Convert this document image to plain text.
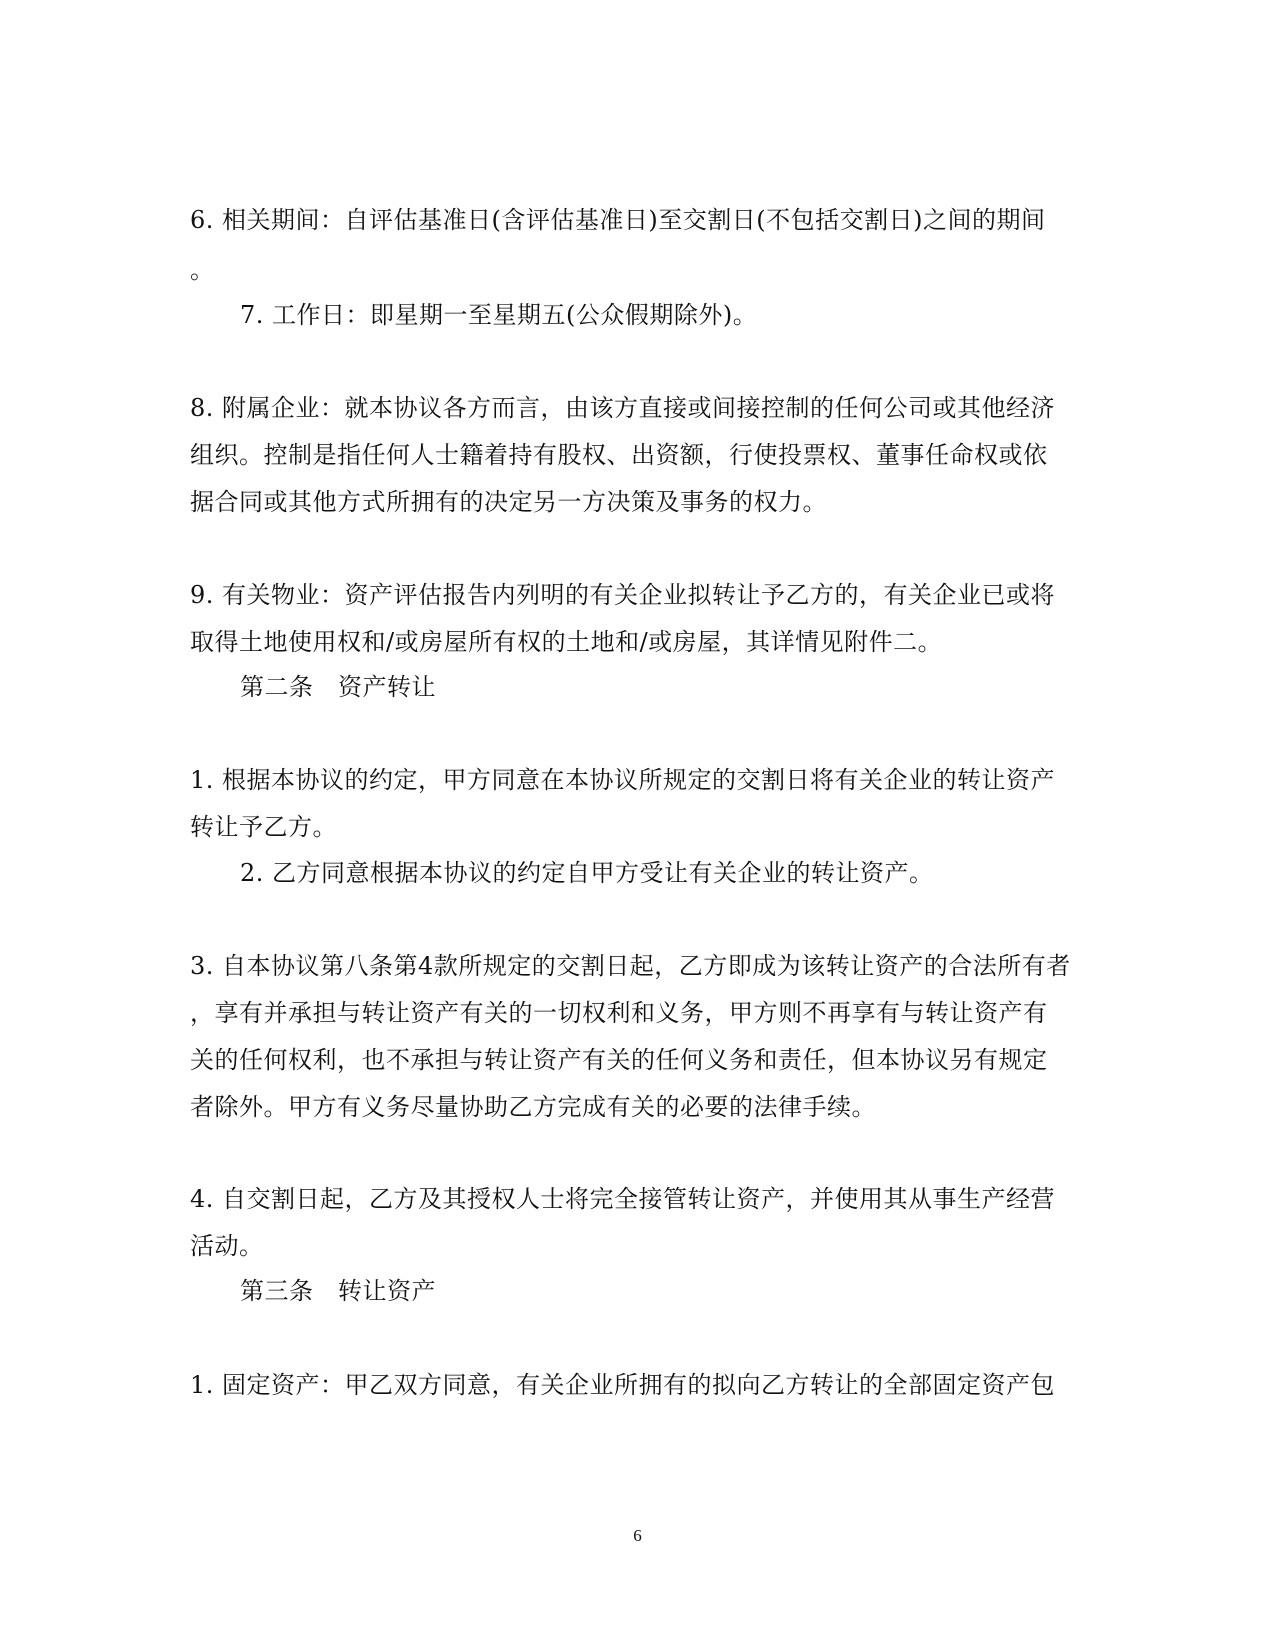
6. 相关期间：自评估基准日(含评估基准日)至交割日(不包括交割日)之间的期间
。
7. 工作日：即星期一至星期五(公众假期除外)。
8. 附属企业：就本协议各方而言，由该方直接或间接控制的任何公司或其他经济
组织。控制是指任何人士籍着持有股权、出资额，行使投票权、董事任命权或依
据合同或其他方式所拥有的决定另一方决策及事务的权力。
9. 有关物业：资产评估报告内列明的有关企业拟转让予乙方的，有关企业已或将
取得土地使用权和/或房屋所有权的土地和/或房屋，其详情见附件二。
第二条　资产转让
1. 根据本协议的约定，甲方同意在本协议所规定的交割日将有关企业的转让资产
转让予乙方。
2. 乙方同意根据本协议的约定自甲方受让有关企业的转让资产。
3. 自本协议第八条第4款所规定的交割日起，乙方即成为该转让资产的合法所有者
，享有并承担与转让资产有关的一切权利和义务，甲方则不再享有与转让资产有
关的任何权利，也不承担与转让资产有关的任何义务和责任，但本协议另有规定
者除外。甲方有义务尽量协助乙方完成有关的必要的法律手续。
4. 自交割日起，乙方及其授权人士将完全接管转让资产，并使用其从事生产经营
活动。
第三条　转让资产
1. 固定资产：甲乙双方同意，有关企业所拥有的拟向乙方转让的全部固定资产包
6
